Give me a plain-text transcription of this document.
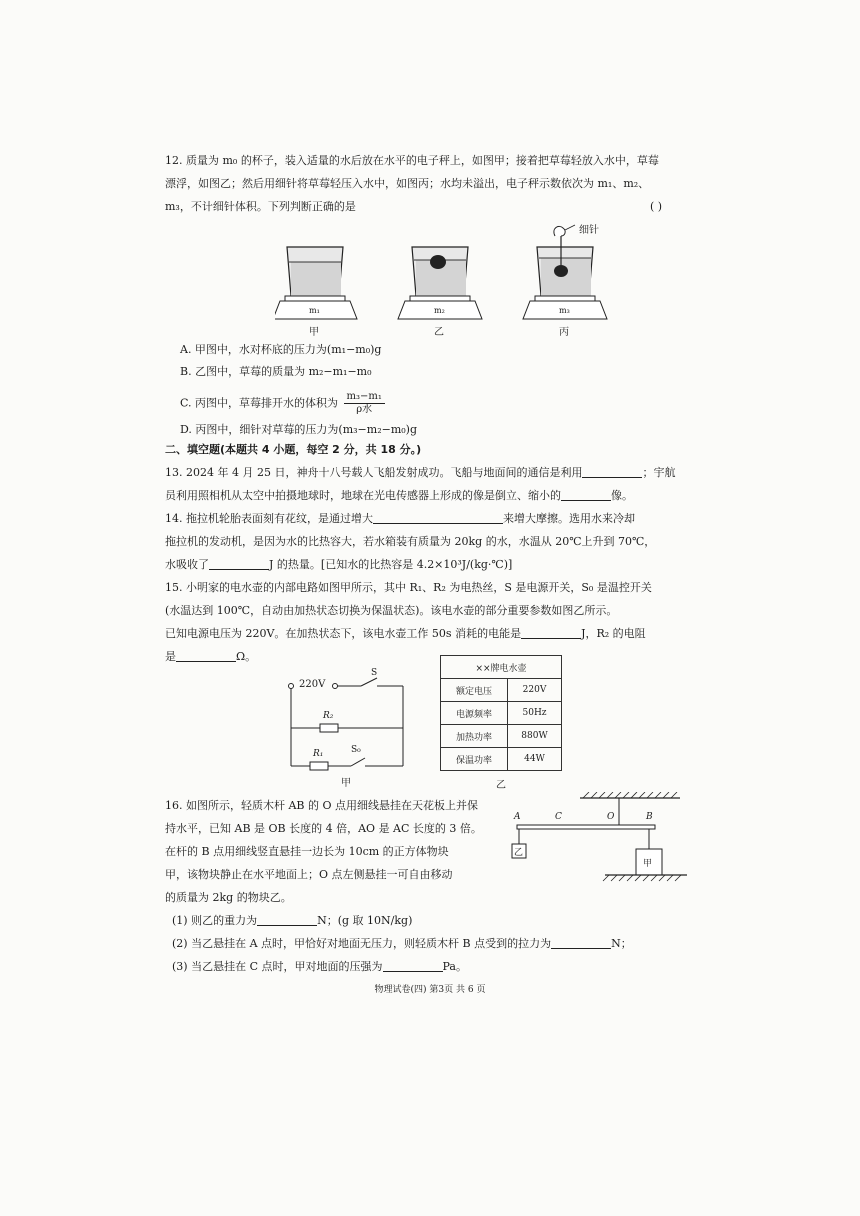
12. 质量为 m₀ 的杯子，装入适量的水后放在水平的电子秤上，如图甲；接着把草莓轻放入水中，草莓
漂浮，如图乙；然后用细针将草莓轻压入水中，如图丙；水均未溢出，电子秤示数依次为 m₁、m₂、
m₃，不计细针体积。下列判断正确的是	( )
细针
m₁	m₂	m₃
甲	乙	丙
A. 甲图中，水对杯底的压力为(m₁−m₀)g
B. 乙图中，草莓的质量为 m₂−m₁−m₀
C. 丙图中，草莓排开水的体积为 m₃−m₁
ρ水
D. 丙图中，细针对草莓的压力为(m₃−m₂−m₀)g
二、填空题(本题共 4 小题，每空 2 分，共 18 分。)
13. 2024 年 4 月 25 日，神舟十八号载人飞船发射成功。飞船与地面间的通信是利用	；宇航
员利用照相机从太空中拍摄地球时，地球在光电传感器上形成的像是倒立、缩小的	像。
14. 拖拉机轮胎表面刻有花纹，是通过增大	来增大摩擦。选用水来冷却
拖拉机的发动机，是因为水的比热容大，若水箱装有质量为 20kg 的水，水温从 20℃上升到 70℃，
水吸收了	J 的热量。[已知水的比热容是 4.2×10³J/(kg·℃)]
15. 小明家的电水壶的内部电路如图甲所示，其中 R₁、R₂ 为电热丝，S 是电源开关，S₀ 是温控开关
(水温达到 100℃，自动由加热状态切换为保温状态)。该电水壶的部分重要参数如图乙所示。
已知电源电压为 220V。在加热状态下，该电水壶工作 50s 消耗的电能是	J，R₂ 的电阻
是	Ω。
220V
S
R₂
R₁	S₀
甲
××牌电水壶	
额定电压	220V
电源频率	50Hz
加热功率	880W
保温功率	44W
乙
16. 如图所示，轻质木杆 AB 的 O 点用细线悬挂在天花板上并保
持水平，已知 AB 是 OB 长度的 4 倍，AO 是 AC 长度的 3 倍。
在杆的 B 点用细线竖直悬挂一边长为 10cm 的正方体物块
甲，该物块静止在水平地面上；O 点左侧悬挂一可自由移动
的质量为 2kg 的物块乙。
A	C	O	B
乙
甲
(1) 则乙的重力为	N；(g 取 10N/kg)
(2) 当乙悬挂在 A 点时，甲恰好对地面无压力，则轻质木杆 B 点受到的拉力为	N；
(3) 当乙悬挂在 C 点时，甲对地面的压强为	Pa。
物理试卷(四) 第3页 共 6 页
